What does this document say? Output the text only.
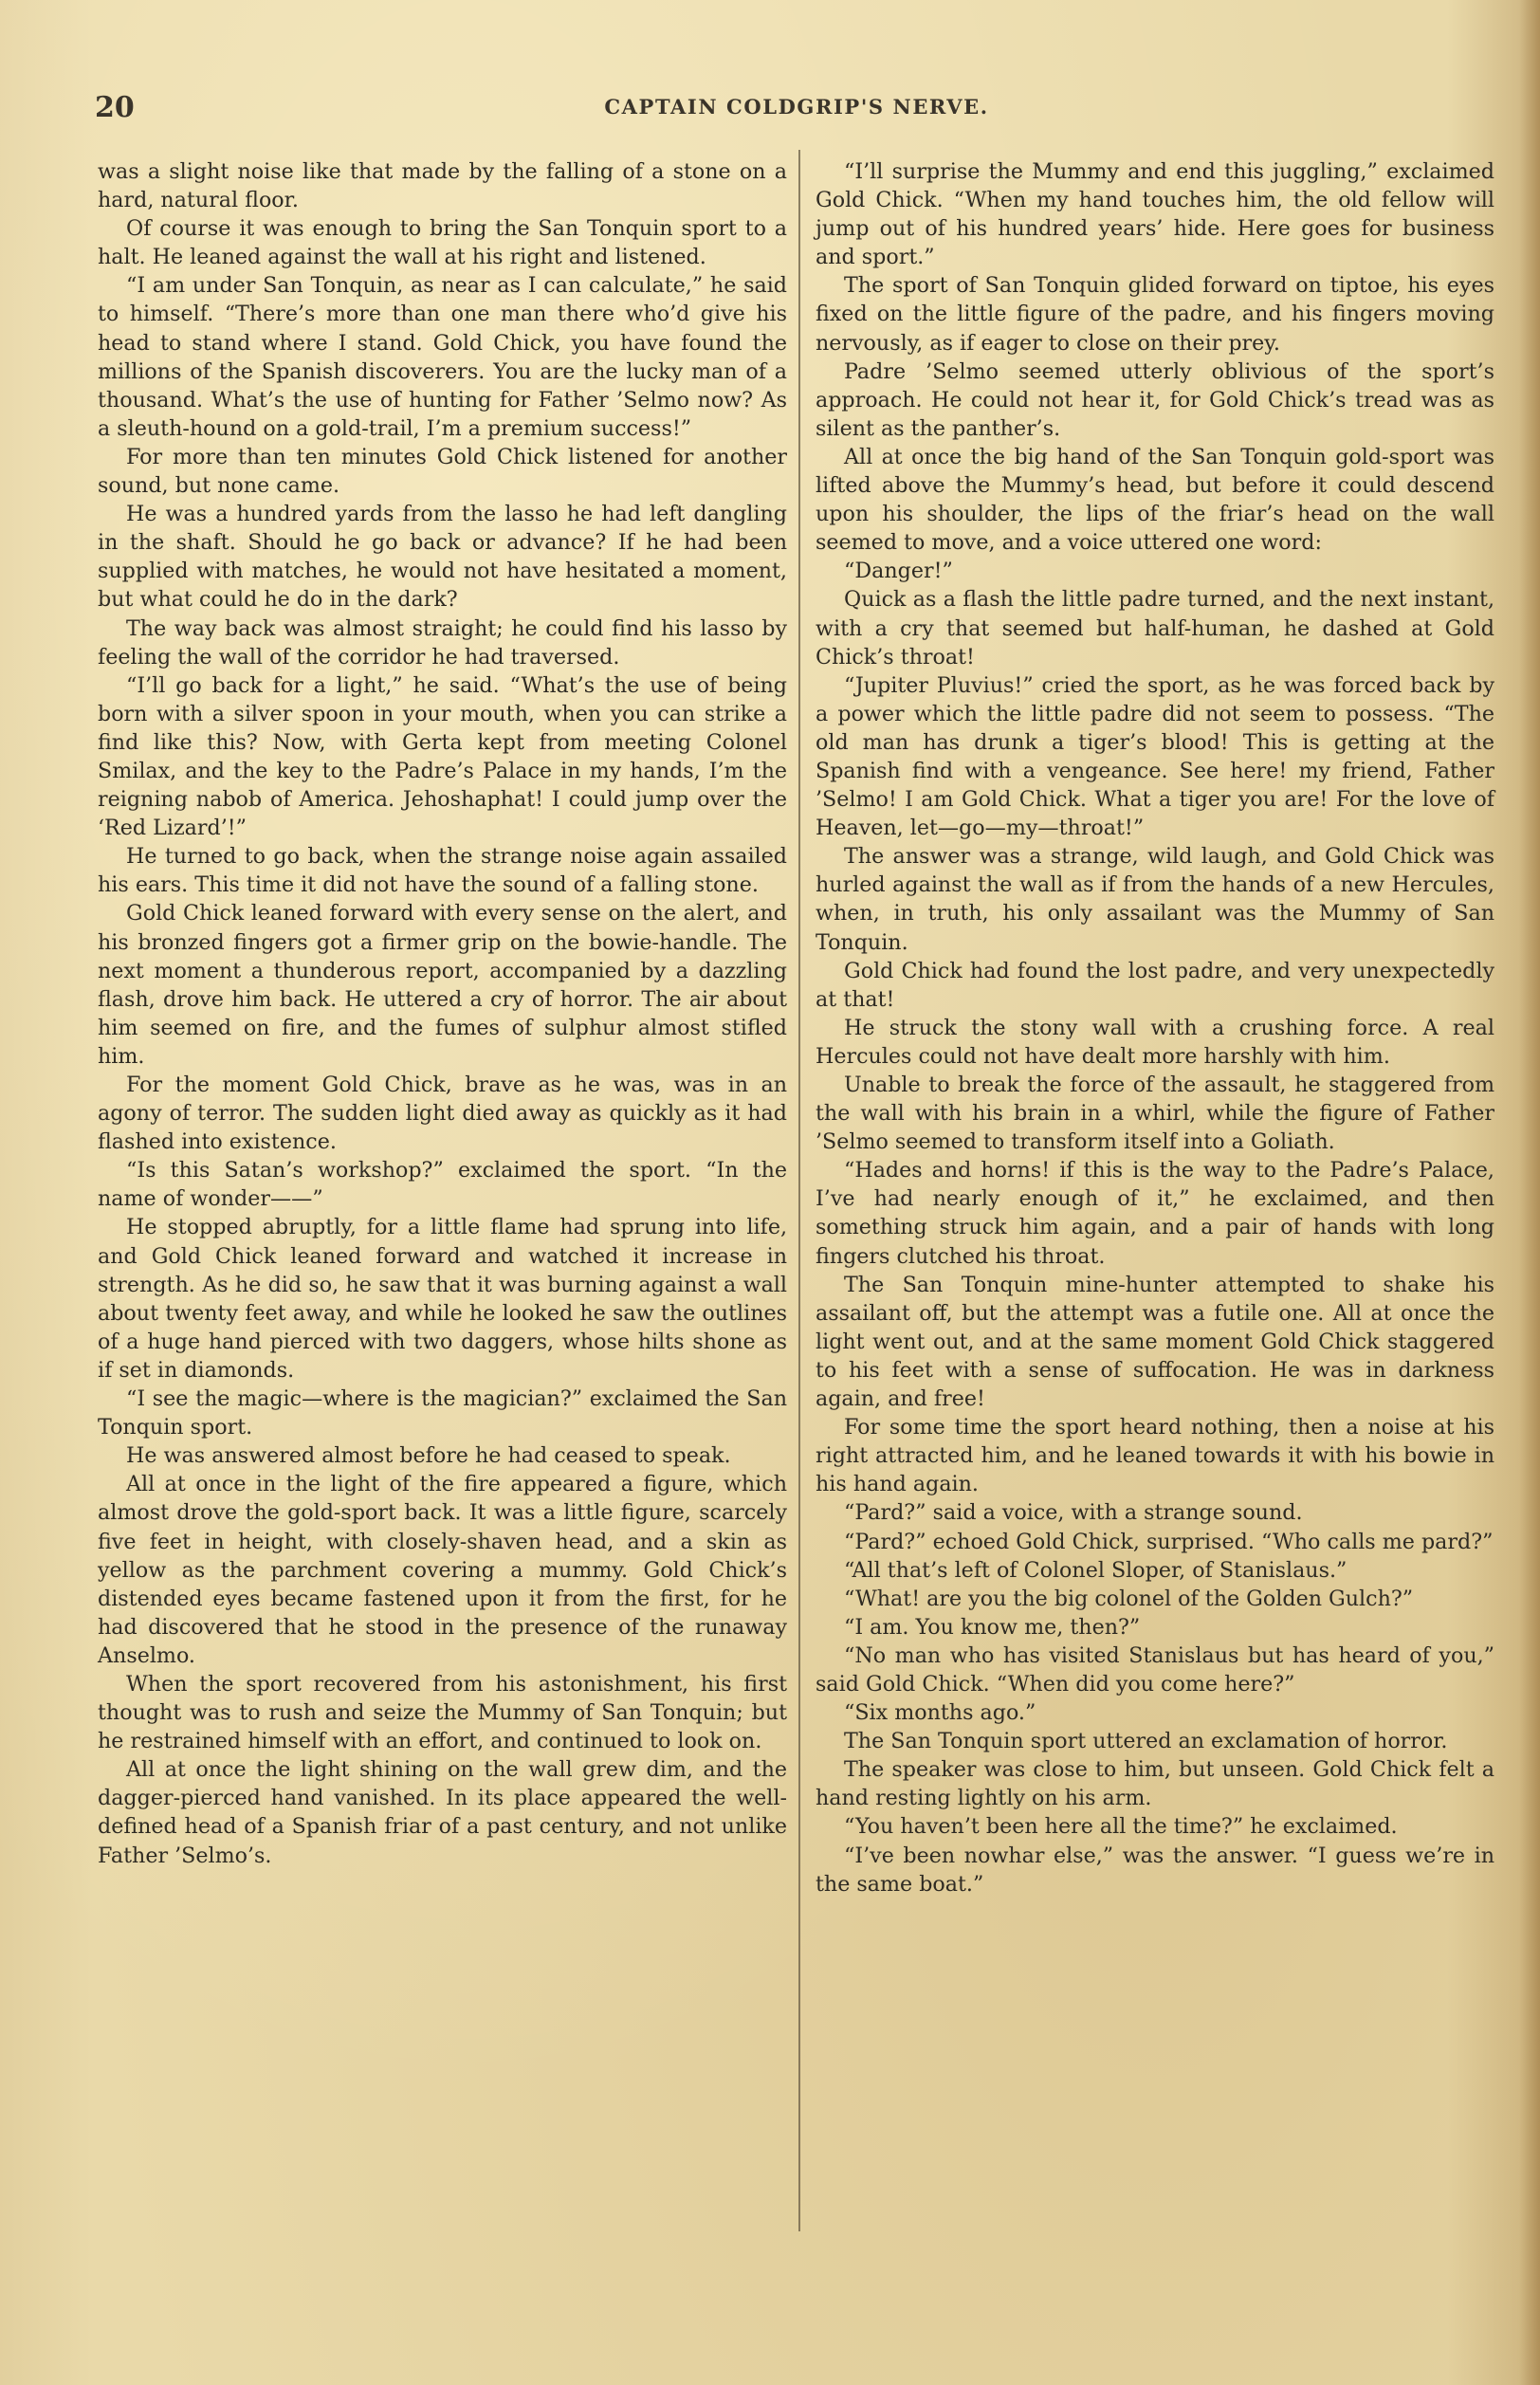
20	CAPTAIN COLDGRIP'S NERVE.

was a slight noise like that made by the falling of a stone on a hard, natural floor.

Of course it was enough to bring the San Tonquin sport to a halt. He leaned against the wall at his right and listened.

“I am under San Tonquin, as near as I can calculate,” he said to himself. “There’s more than one man there who’d give his head to stand where I stand. Gold Chick, you have found the millions of the Spanish discoverers. You are the lucky man of a thousand. What’s the use of hunting for Father ’Selmo now? As a sleuth-hound on a gold-trail, I’m a premium success!”

For more than ten minutes Gold Chick listened for another sound, but none came.

He was a hundred yards from the lasso he had left dangling in the shaft. Should he go back or advance? If he had been supplied with matches, he would not have hesitated a moment, but what could he do in the dark?

The way back was almost straight; he could find his lasso by feeling the wall of the corridor he had traversed.

“I’ll go back for a light,” he said. “What’s the use of being born with a silver spoon in your mouth, when you can strike a find like this? Now, with Gerta kept from meeting Colonel Smilax, and the key to the Padre’s Palace in my hands, I’m the reigning nabob of America. Jehoshaphat! I could jump over the ‘Red Lizard’!”

He turned to go back, when the strange noise again assailed his ears. This time it did not have the sound of a falling stone.

Gold Chick leaned forward with every sense on the alert, and his bronzed fingers got a firmer grip on the bowie-handle. The next moment a thunderous report, accompanied by a dazzling flash, drove him back. He uttered a cry of horror. The air about him seemed on fire, and the fumes of sulphur almost stifled him.

For the moment Gold Chick, brave as he was, was in an agony of terror. The sudden light died away as quickly as it had flashed into existence.

“Is this Satan’s workshop?” exclaimed the sport. “In the name of wonder——”

He stopped abruptly, for a little flame had sprung into life, and Gold Chick leaned forward and watched it increase in strength. As he did so, he saw that it was burning against a wall about twenty feet away, and while he looked he saw the outlines of a huge hand pierced with two daggers, whose hilts shone as if set in diamonds.

“I see the magic—where is the magician?” exclaimed the San Tonquin sport.

He was answered almost before he had ceased to speak.

All at once in the light of the fire appeared a figure, which almost drove the gold-sport back. It was a little figure, scarcely five feet in height, with closely-shaven head, and a skin as yellow as the parchment covering a mummy. Gold Chick’s distended eyes became fastened upon it from the first, for he had discovered that he stood in the presence of the runaway Anselmo.

When the sport recovered from his astonishment, his first thought was to rush and seize the Mummy of San Tonquin; but he restrained himself with an effort, and continued to look on.

All at once the light shining on the wall grew dim, and the dagger-pierced hand vanished. In its place appeared the well-defined head of a Spanish friar of a past century, and not unlike Father ’Selmo’s.

“I’ll surprise the Mummy and end this juggling,” exclaimed Gold Chick. “When my hand touches him, the old fellow will jump out of his hundred years’ hide. Here goes for business and sport.”

The sport of San Tonquin glided forward on tiptoe, his eyes fixed on the little figure of the padre, and his fingers moving nervously, as if eager to close on their prey.

Padre ’Selmo seemed utterly oblivious of the sport’s approach. He could not hear it, for Gold Chick’s tread was as silent as the panther’s.

All at once the big hand of the San Tonquin gold-sport was lifted above the Mummy’s head, but before it could descend upon his shoulder, the lips of the friar’s head on the wall seemed to move, and a voice uttered one word:

“Danger!”

Quick as a flash the little padre turned, and the next instant, with a cry that seemed but half-human, he dashed at Gold Chick’s throat!

“Jupiter Pluvius!” cried the sport, as he was forced back by a power which the little padre did not seem to possess. “The old man has drunk a tiger’s blood! This is getting at the Spanish find with a vengeance. See here! my friend, Father ’Selmo! I am Gold Chick. What a tiger you are! For the love of Heaven, let—go—my—throat!”

The answer was a strange, wild laugh, and Gold Chick was hurled against the wall as if from the hands of a new Hercules, when, in truth, his only assailant was the Mummy of San Tonquin.

Gold Chick had found the lost padre, and very unexpectedly at that!

He struck the stony wall with a crushing force. A real Hercules could not have dealt more harshly with him.

Unable to break the force of the assault, he staggered from the wall with his brain in a whirl, while the figure of Father ’Selmo seemed to transform itself into a Goliath.

“Hades and horns! if this is the way to the Padre’s Palace, I’ve had nearly enough of it,” he exclaimed, and then something struck him again, and a pair of hands with long fingers clutched his throat.

The San Tonquin mine-hunter attempted to shake his assailant off, but the attempt was a futile one. All at once the light went out, and at the same moment Gold Chick staggered to his feet with a sense of suffocation. He was in darkness again, and free!

For some time the sport heard nothing, then a noise at his right attracted him, and he leaned towards it with his bowie in his hand again.

“Pard?” said a voice, with a strange sound.

“Pard?” echoed Gold Chick, surprised. “Who calls me pard?”

“All that’s left of Colonel Sloper, of Stanislaus.”

“What! are you the big colonel of the Golden Gulch?”

“I am. You know me, then?”

“No man who has visited Stanislaus but has heard of you,” said Gold Chick. “When did you come here?”

“Six months ago.”

The San Tonquin sport uttered an exclamation of horror.

The speaker was close to him, but unseen. Gold Chick felt a hand resting lightly on his arm.

“You haven’t been here all the time?” he exclaimed.

“I’ve been nowhar else,” was the answer. “I guess we’re in the same boat.”
